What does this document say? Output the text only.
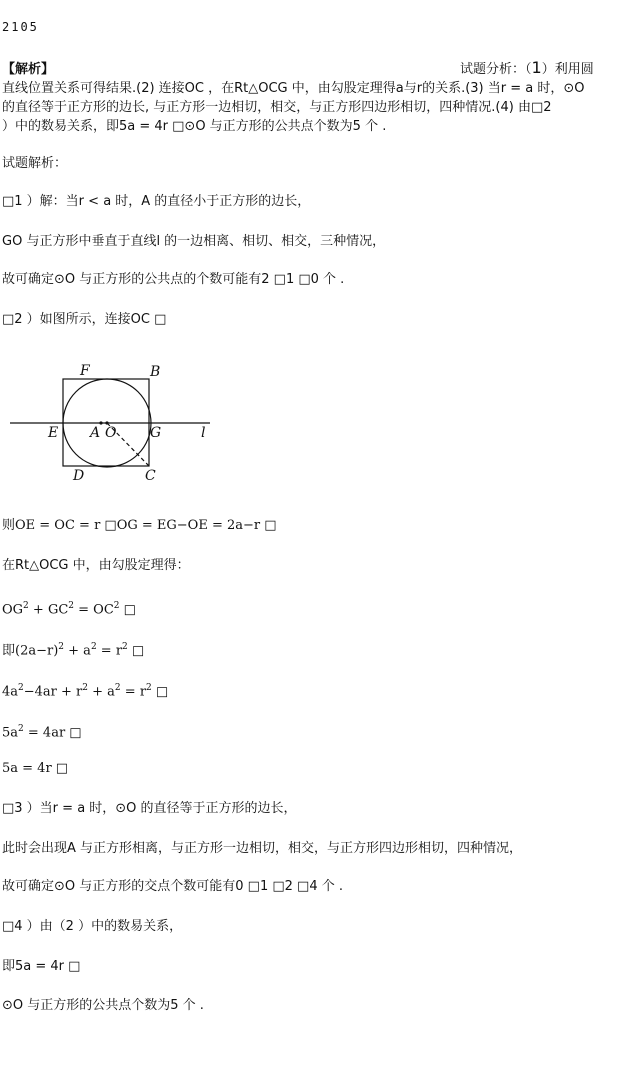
2105
【解析】	试题分析：（1）利用圆
直线位置关系可得结果.(2) 连接OC ，在Rt△OCG 中，由勾股定理得a与r的关系.(3) 当r = a 时，⊙O
的直径等于正方形的边长, 与正方形一边相切，相交，与正方形四边形相切，四种情况.(4) 由□2
）中的数易关系，即5a = 4r □⊙O 与正方形的公共点个数为5 个 .
试题解析：
□1 ）解：当r < a 时，A 的直径小于正方形的边长，
GO 与正方形中垂直于直线l 的一边相离、相切、相交，三种情况，
故可确定⊙O 与正方形的公共点的个数可能有2 □1 □0 个 .
□2 ）如图所示，连接OC □
F	B
E A O G	l
D	C
则OE = OC = r □OG = EG−OE = 2a−r □
在Rt△OCG 中，由勾股定理得：
$OG^2 + GC^2 = OC^2$ □
即$(2a-r)^2 + a^2 = r^2$ □
$4a^2-4ar + r^2 + a^2 = r^2$ □
$5a^2 = 4ar$ □
5a = 4r □
□3 ）当r = a 时，⊙O 的直径等于正方形的边长，
此时会出现A 与正方形相离，与正方形一边相切，相交，与正方形四边形相切，四种情况，
故可确定⊙O 与正方形的交点个数可能有0 □1 □2 □4 个 .
□4 ）由（2 ）中的数易关系，
即5a = 4r □
⊙O 与正方形的公共点个数为5 个 .
